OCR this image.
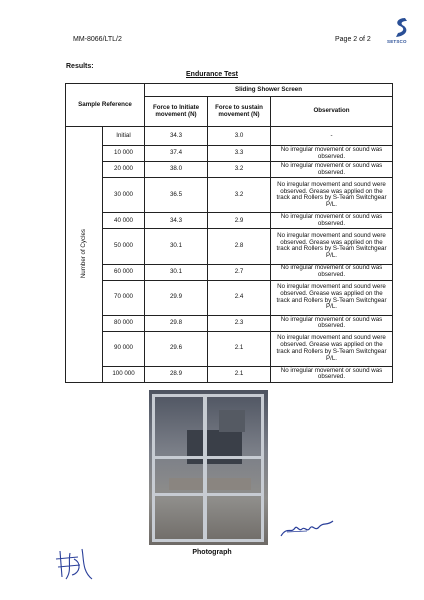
MM-8066/LTL/2	Page 2 of 2	SETSCO
Results:
Endurance Test
Sample Reference		Sliding Shower Screen		
		Force to Initiate movement (N)	Force to sustain movement (N)	Observation
Number of Cycles	Initial	34.3	3.0	-
	10 000	37.4	3.3	No irregular movement or sound was observed.
	20 000	38.0	3.2	No irregular movement or sound was observed.
	30 000	36.5	3.2	No irregular movement and sound were observed. Grease was applied on the track and Rollers by S-Team Switchgear P/L.
	40 000	34.3	2.9	No irregular movement or sound was observed.
	50 000	30.1	2.8	No irregular movement and sound were observed. Grease was applied on the track and Rollers by S-Team Switchgear P/L.
	60 000	30.1	2.7	No irregular movement or sound was observed.
	70 000	29.9	2.4	No irregular movement and sound were observed. Grease was applied on the track and Rollers by S-Team Switchgear P/L.
	80 000	29.8	2.3	No irregular movement or sound was observed.
	90 000	29.6	2.1	No irregular movement and sound were observed. Grease was applied on the track and Rollers by S-Team Switchgear P/L.
	100 000	28.9	2.1	No irregular movement or sound was observed.
Photograph
